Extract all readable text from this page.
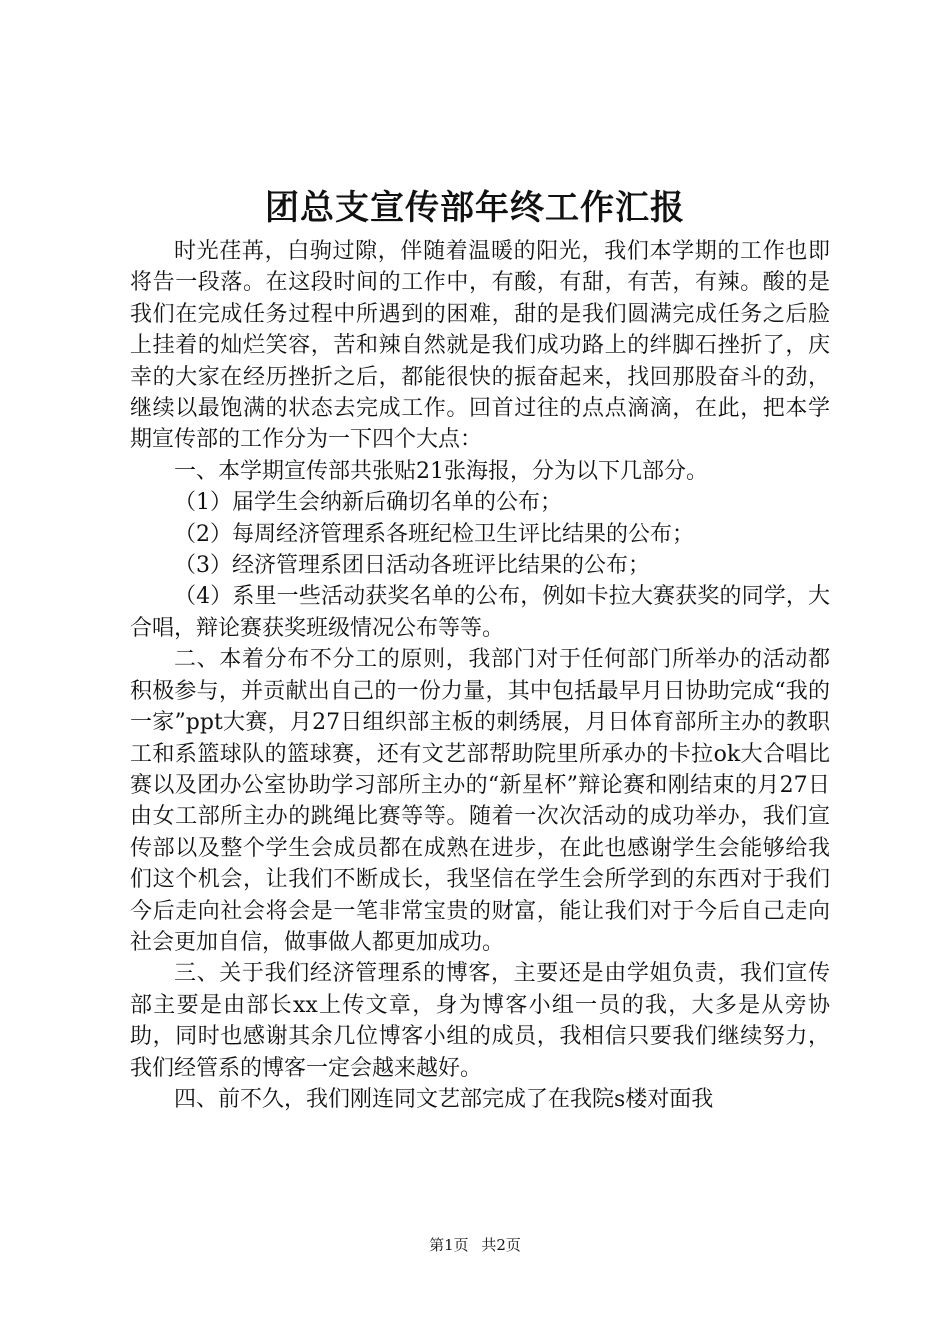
团总支宣传部年终工作汇报

时光荏苒，白驹过隙，伴随着温暖的阳光，我们本学期的工作也即将告一段落。在这段时间的工作中，有酸，有甜，有苦，有辣。酸的是我们在完成任务过程中所遇到的困难，甜的是我们圆满完成任务之后脸上挂着的灿烂笑容，苦和辣自然就是我们成功路上的绊脚石挫折了，庆幸的大家在经历挫折之后，都能很快的振奋起来，找回那股奋斗的劲，继续以最饱满的状态去完成工作。回首过往的点点滴滴，在此，把本学期宣传部的工作分为一下四个大点：

一、本学期宣传部共张贴21张海报，分为以下几部分。

（1）届学生会纳新后确切名单的公布；

（2）每周经济管理系各班纪检卫生评比结果的公布；

（3）经济管理系团日活动各班评比结果的公布；

（4）系里一些活动获奖名单的公布，例如卡拉大赛获奖的同学，大合唱，辩论赛获奖班级情况公布等等。

二、本着分布不分工的原则，我部门对于任何部门所举办的活动都积极参与，并贡献出自己的一份力量，其中包括最早月日协助完成“我的一家”ppt大赛，月27日组织部主板的刺绣展，月日体育部所主办的教职工和系篮球队的篮球赛，还有文艺部帮助院里所承办的卡拉ok大合唱比赛以及团办公室协助学习部所主办的“新星杯”辩论赛和刚结束的月27日由女工部所主办的跳绳比赛等等。随着一次次活动的成功举办，我们宣传部以及整个学生会成员都在成熟在进步，在此也感谢学生会能够给我们这个机会，让我们不断成长，我坚信在学生会所学到的东西对于我们今后走向社会将会是一笔非常宝贵的财富，能让我们对于今后自己走向社会更加自信，做事做人都更加成功。

三、关于我们经济管理系的博客，主要还是由学姐负责，我们宣传部主要是由部长xx上传文章，身为博客小组一员的我，大多是从旁协助，同时也感谢其余几位博客小组的成员，我相信只要我们继续努力，我们经管系的博客一定会越来越好。

四、前不久，我们刚连同文艺部完成了在我院s楼对面我

第1页 共2页
